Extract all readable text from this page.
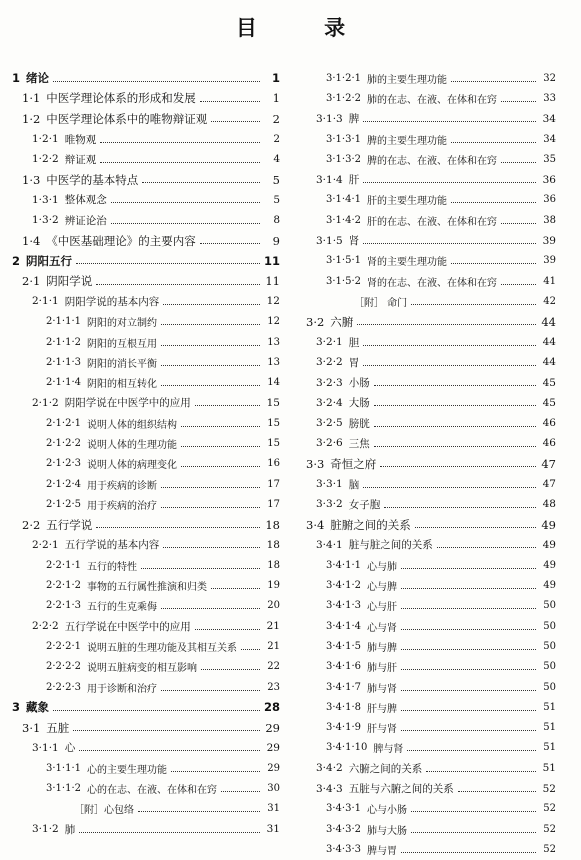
目 录
1 绪论	1
1·1 中医学理论体系的形成和发展	1
1·2 中医学理论体系中的唯物辩证观	2
1·2·1 唯物观	2
1·2·2 辩证观	4
1·3 中医学的基本特点	5
1·3·1 整体观念	5
1·3·2 辨证论治	8
1·4 《中医基础理论》的主要内容	9
2 阴阳五行	11
2·1 阴阳学说	11
2·1·1 阴阳学说的基本内容	12
2·1·1·1 阴阳的对立制约	12
2·1·1·2 阴阳的互根互用	13
2·1·1·3 阴阳的消长平衡	13
2·1·1·4 阴阳的相互转化	14
2·1·2 阴阳学说在中医学中的应用	15
2·1·2·1 说明人体的组织结构	15
2·1·2·2 说明人体的生理功能	15
2·1·2·3 说明人体的病理变化	16
2·1·2·4 用于疾病的诊断	17
2·1·2·5 用于疾病的治疗	17
2·2 五行学说	18
2·2·1 五行学说的基本内容	18
2·2·1·1 五行的特性	18
2·2·1·2 事物的五行属性推演和归类	19
2·2·1·3 五行的生克乘侮	20
2·2·2 五行学说在中医学中的应用	21
2·2·2·1 说明五脏的生理功能及其相互关系	21
2·2·2·2 说明五脏病变的相互影响	22
2·2·2·3 用于诊断和治疗	23
3 藏象	28
3·1 五脏	29
3·1·1 心	29
3·1·1·1 心的主要生理功能	29
3·1·1·2 心的在志、在液、在体和在窍	30
［附］心包络	31
3·1·2 肺	31
3·1·2·1 肺的主要生理功能	32
3·1·2·2 肺的在志、在液、在体和在窍	33
3·1·3 脾	34
3·1·3·1 脾的主要生理功能	34
3·1·3·2 脾的在志、在液、在体和在窍	35
3·1·4 肝	36
3·1·4·1 肝的主要生理功能	36
3·1·4·2 肝的在志、在液、在体和在窍	38
3·1·5 肾	39
3·1·5·1 肾的主要生理功能	39
3·1·5·2 肾的在志、在液、在体和在窍	41
［附］ 命门	42
3·2 六腑	44
3·2·1 胆	44
3·2·2 胃	44
3·2·3 小肠	45
3·2·4 大肠	45
3·2·5 膀胱	46
3·2·6 三焦	46
3·3 奇恒之府	47
3·3·1 脑	47
3·3·2 女子胞	48
3·4 脏腑之间的关系	49
3·4·1 脏与脏之间的关系	49
3·4·1·1 心与肺	49
3·4·1·2 心与脾	49
3·4·1·3 心与肝	50
3·4·1·4 心与肾	50
3·4·1·5 肺与脾	50
3·4·1·6 肺与肝	50
3·4·1·7 肺与肾	50
3·4·1·8 肝与脾	51
3·4·1·9 肝与肾	51
3·4·1·10 脾与肾	51
3·4·2 六腑之间的关系	51
3·4·3 五脏与六腑之间的关系	52
3·4·3·1 心与小肠	52
3·4·3·2 肺与大肠	52
3·4·3·3 脾与胃	52
